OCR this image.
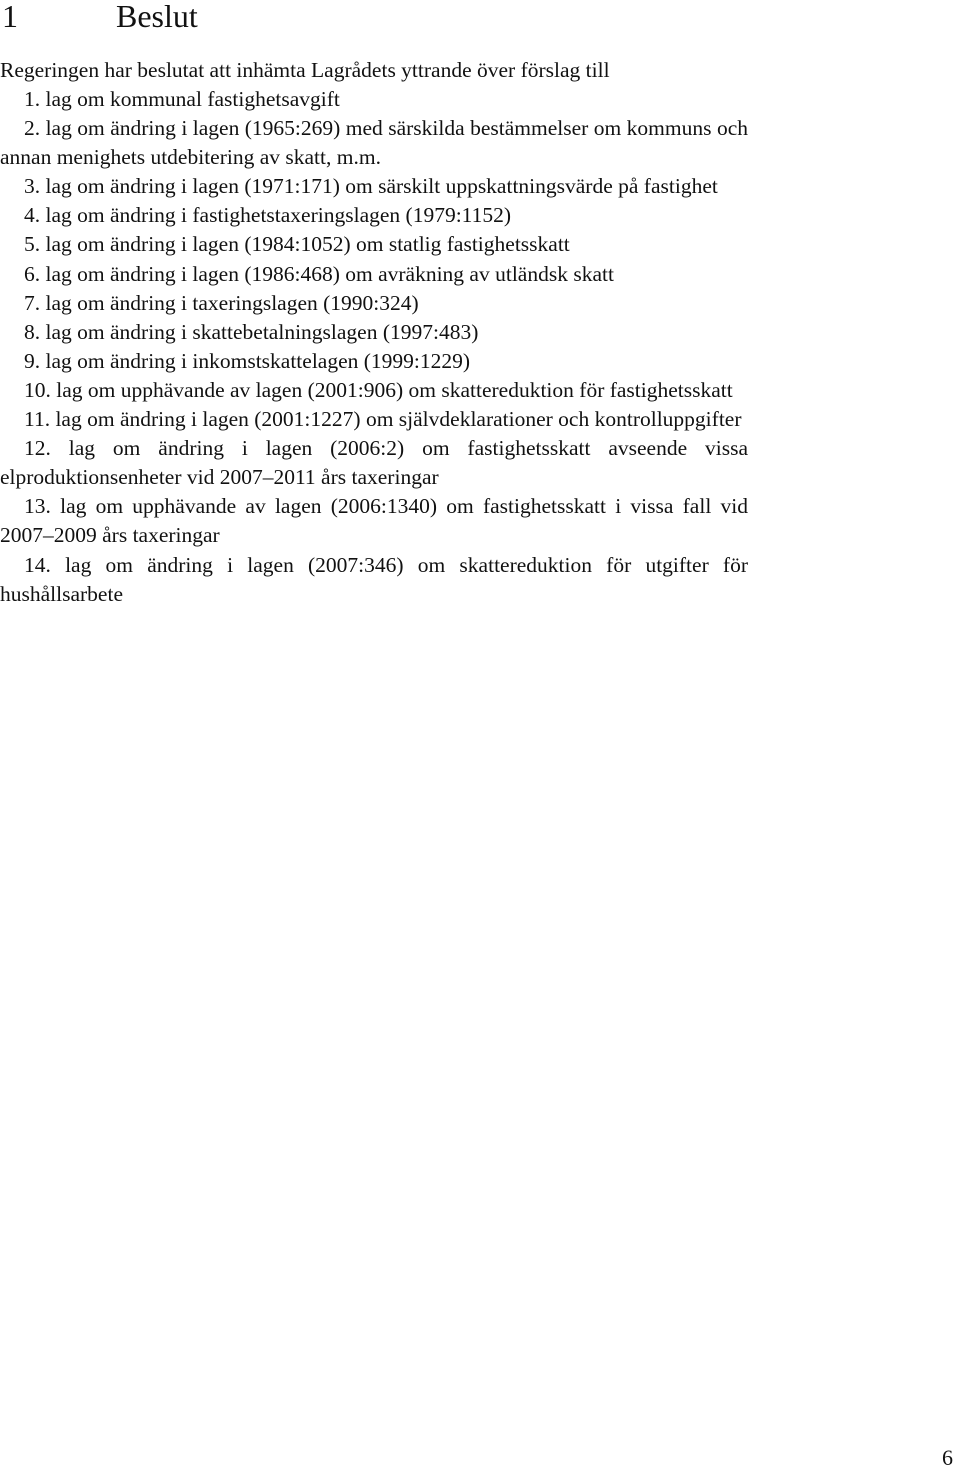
1	Beslut

Regeringen har beslutat att inhämta Lagrådets yttrande över förslag till

1. lag om kommunal fastighetsavgift
2. lag om ändring i lagen (1965:269) med särskilda bestämmelser om kommuns och annan menighets utdebitering av skatt, m.m.
3. lag om ändring i lagen (1971:171) om särskilt uppskattningsvärde på fastighet
4. lag om ändring i fastighetstaxeringslagen (1979:1152)
5. lag om ändring i lagen (1984:1052) om statlig fastighetsskatt
6. lag om ändring i lagen (1986:468) om avräkning av utländsk skatt
7. lag om ändring i taxeringslagen (1990:324)
8. lag om ändring i skattebetalningslagen (1997:483)
9. lag om ändring i inkomstskattelagen (1999:1229)
10. lag om upphävande av lagen (2001:906) om skattereduktion för fastighetsskatt
11. lag om ändring i lagen (2001:1227) om självdeklarationer och kontrolluppgifter
12. lag om ändring i lagen (2006:2) om fastighetsskatt avseende vissa elproduktionsenheter vid 2007–2011 års taxeringar
13. lag om upphävande av lagen (2006:1340) om fastighetsskatt i vissa fall vid 2007–2009 års taxeringar
14. lag om ändring i lagen (2007:346) om skattereduktion för utgifter för hushållsarbete
6
